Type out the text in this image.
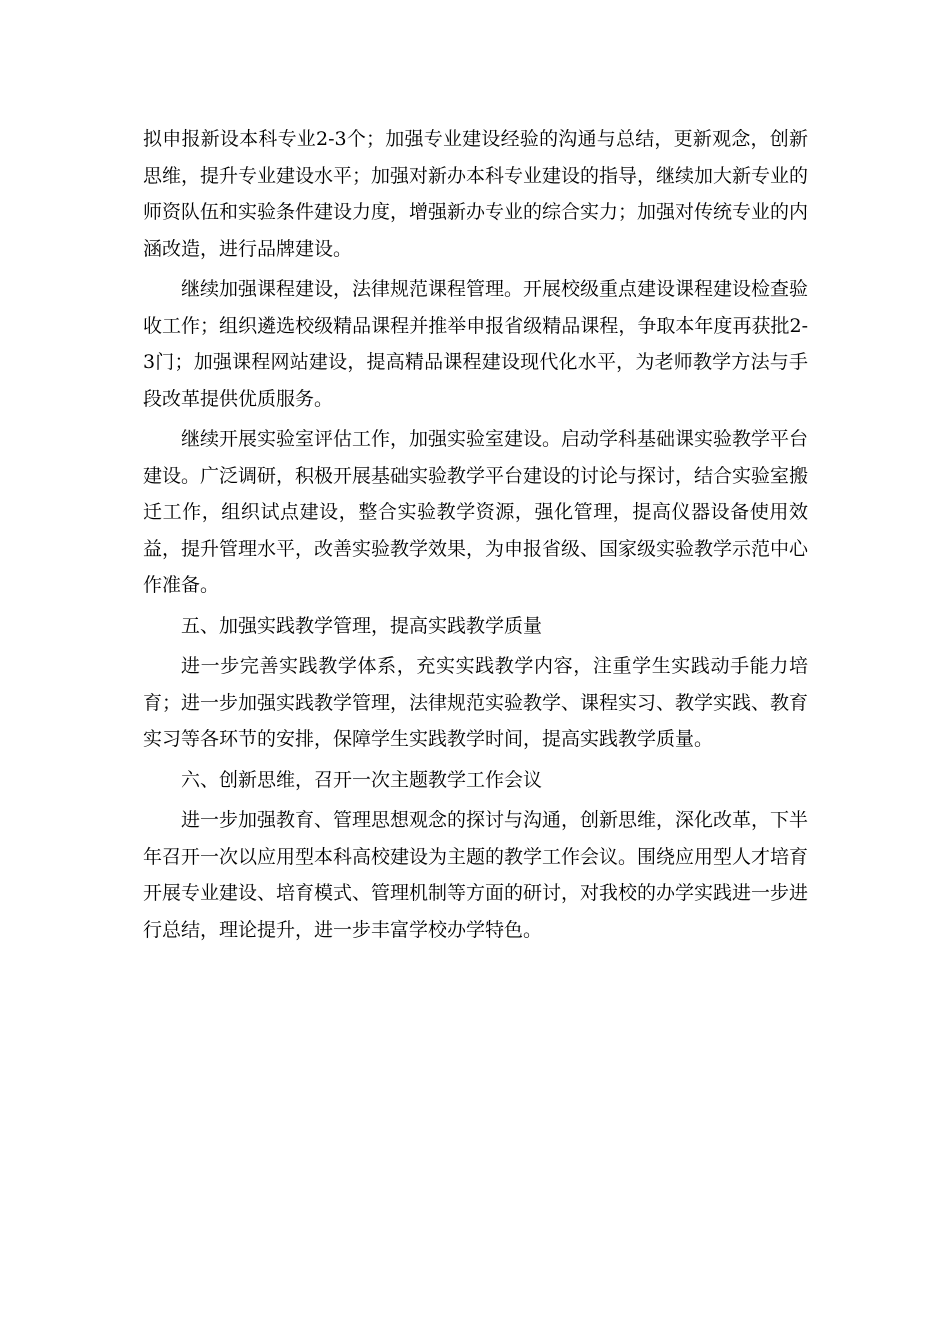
拟申报新设本科专业2-3个；加强专业建设经验的沟通与总结，更新观念，创新思维，提升专业建设水平；加强对新办本科专业建设的指导，继续加大新专业的师资队伍和实验条件建设力度，增强新办专业的综合实力；加强对传统专业的内涵改造，进行品牌建设。

继续加强课程建设，法律规范课程管理。开展校级重点建设课程建设检查验收工作；组织遴选校级精品课程并推举申报省级精品课程，争取本年度再获批2-3门；加强课程网站建设，提高精品课程建设现代化水平，为老师教学方法与手段改革提供优质服务。

继续开展实验室评估工作，加强实验室建设。启动学科基础课实验教学平台建设。广泛调研，积极开展基础实验教学平台建设的讨论与探讨，结合实验室搬迁工作，组织试点建设，整合实验教学资源，强化管理，提高仪器设备使用效益，提升管理水平，改善实验教学效果，为申报省级、国家级实验教学示范中心作准备。

五、加强实践教学管理，提高实践教学质量

进一步完善实践教学体系，充实实践教学内容，注重学生实践动手能力培育；进一步加强实践教学管理，法律规范实验教学、课程实习、教学实践、教育实习等各环节的安排，保障学生实践教学时间，提高实践教学质量。

六、创新思维，召开一次主题教学工作会议

进一步加强教育、管理思想观念的探讨与沟通，创新思维，深化改革，下半年召开一次以应用型本科高校建设为主题的教学工作会议。围绕应用型人才培育开展专业建设、培育模式、管理机制等方面的研讨，对我校的办学实践进一步进行总结，理论提升，进一步丰富学校办学特色。
